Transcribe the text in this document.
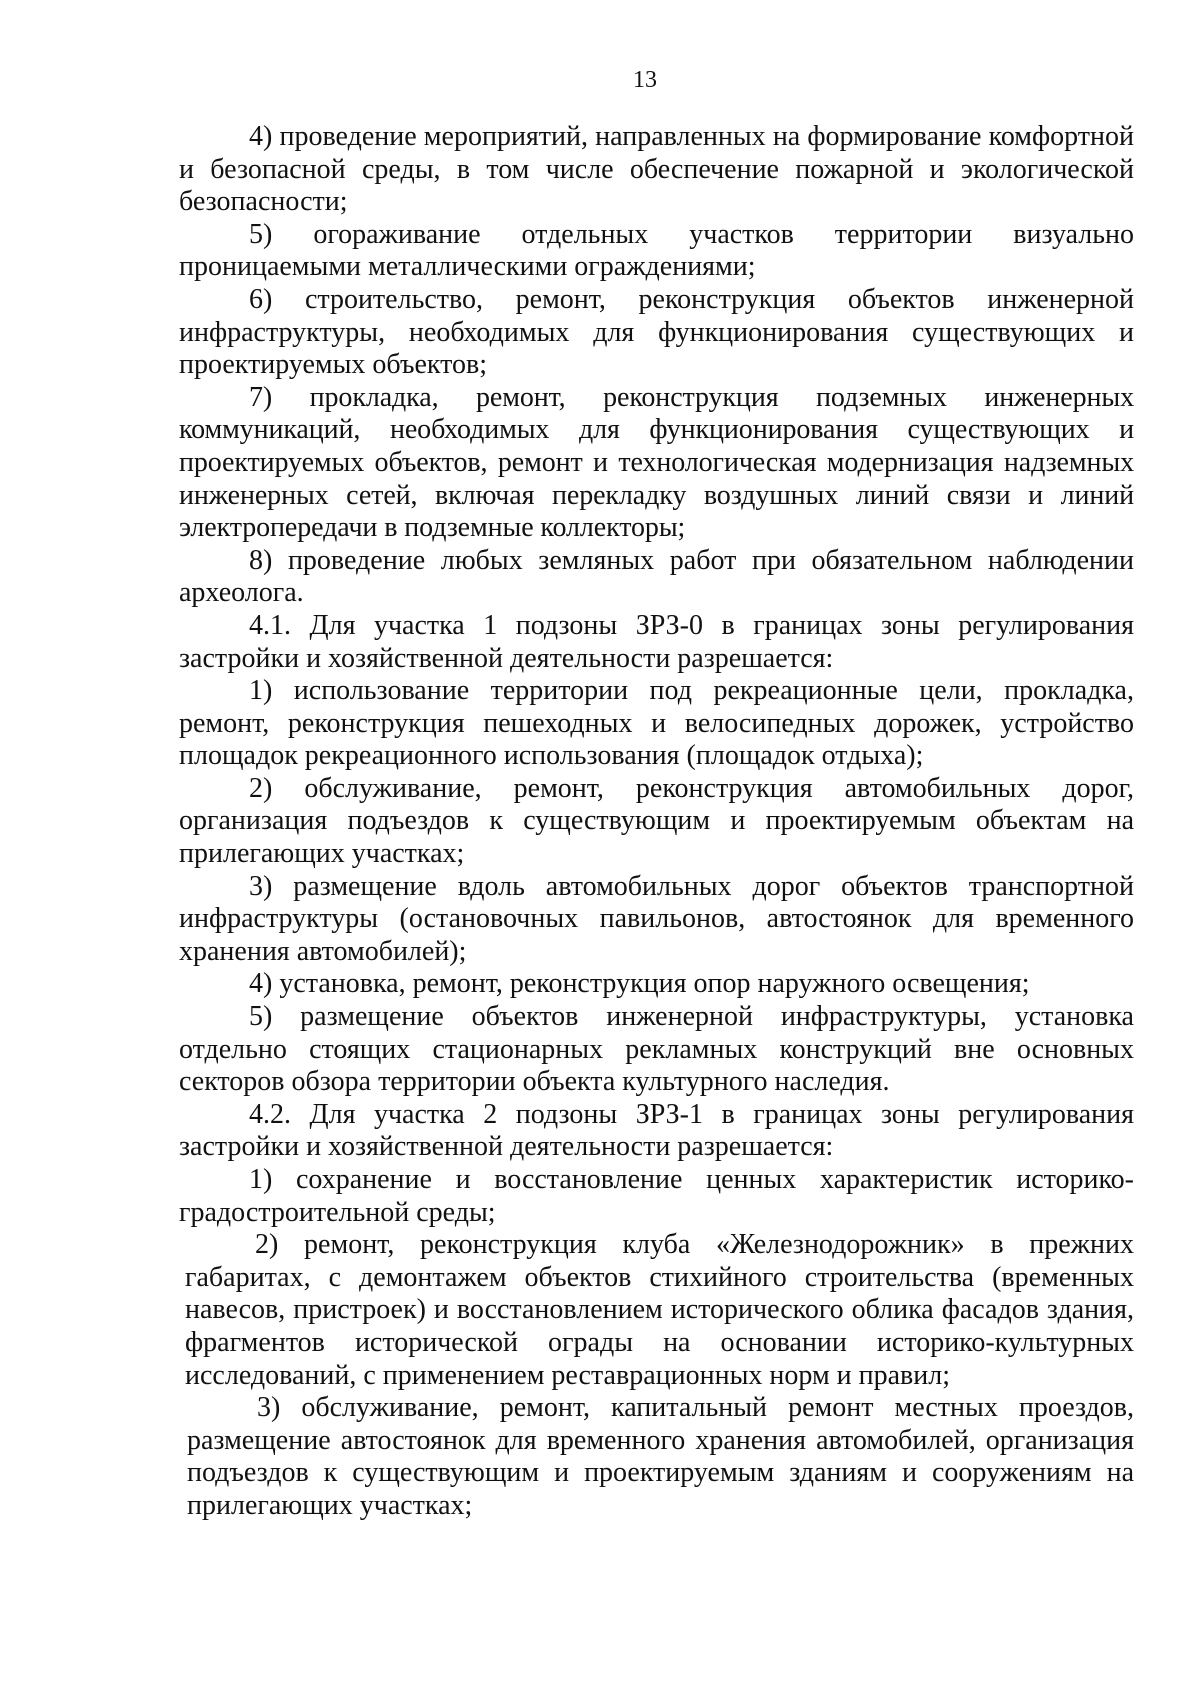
13

4) проведение мероприятий, направленных на формирование комфортной и безопасной среды, в том числе обеспечение пожарной и экологической безопасности;

5) огораживание отдельных участков территории визуально проницаемыми металлическими ограждениями;

6) строительство, ремонт, реконструкция объектов инженерной инфраструктуры, необходимых для функционирования существующих и проектируемых объектов;

7) прокладка, ремонт, реконструкция подземных инженерных коммуникаций, необходимых для функционирования существующих и проектируемых объектов, ремонт и технологическая модернизация надземных инженерных сетей, включая перекладку воздушных линий связи и линий электропередачи в подземные коллекторы;

8) проведение любых земляных работ при обязательном наблюдении археолога.

4.1. Для участка 1 подзоны ЗРЗ-0 в границах зоны регулирования застройки и хозяйственной деятельности разрешается:

1) использование территории под рекреационные цели, прокладка, ремонт, реконструкция пешеходных и велосипедных дорожек, устройство площадок рекреационного использования (площадок отдыха);

2) обслуживание, ремонт, реконструкция автомобильных дорог, организация подъездов к существующим и проектируемым объектам на прилегающих участках;

3) размещение вдоль автомобильных дорог объектов транспортной инфраструктуры (остановочных павильонов, автостоянок для временного хранения автомобилей);

4) установка, ремонт, реконструкция опор наружного освещения;

5) размещение объектов инженерной инфраструктуры, установка отдельно стоящих стационарных рекламных конструкций вне основных секторов обзора территории объекта культурного наследия.

4.2. Для участка 2 подзоны ЗРЗ-1 в границах зоны регулирования застройки и хозяйственной деятельности разрешается:

1) сохранение и восстановление ценных характеристик историко-градостроительной среды;

2) ремонт, реконструкция клуба «Железнодорожник» в прежних габаритах, с демонтажем объектов стихийного строительства (временных навесов, пристроек) и восстановлением исторического облика фасадов здания, фрагментов исторической ограды на основании историко-культурных исследований, с применением реставрационных норм и правил;

3) обслуживание, ремонт, капитальный ремонт местных проездов, размещение автостоянок для временного хранения автомобилей, организация подъездов к существующим и проектируемым зданиям и сооружениям на прилегающих участках;
